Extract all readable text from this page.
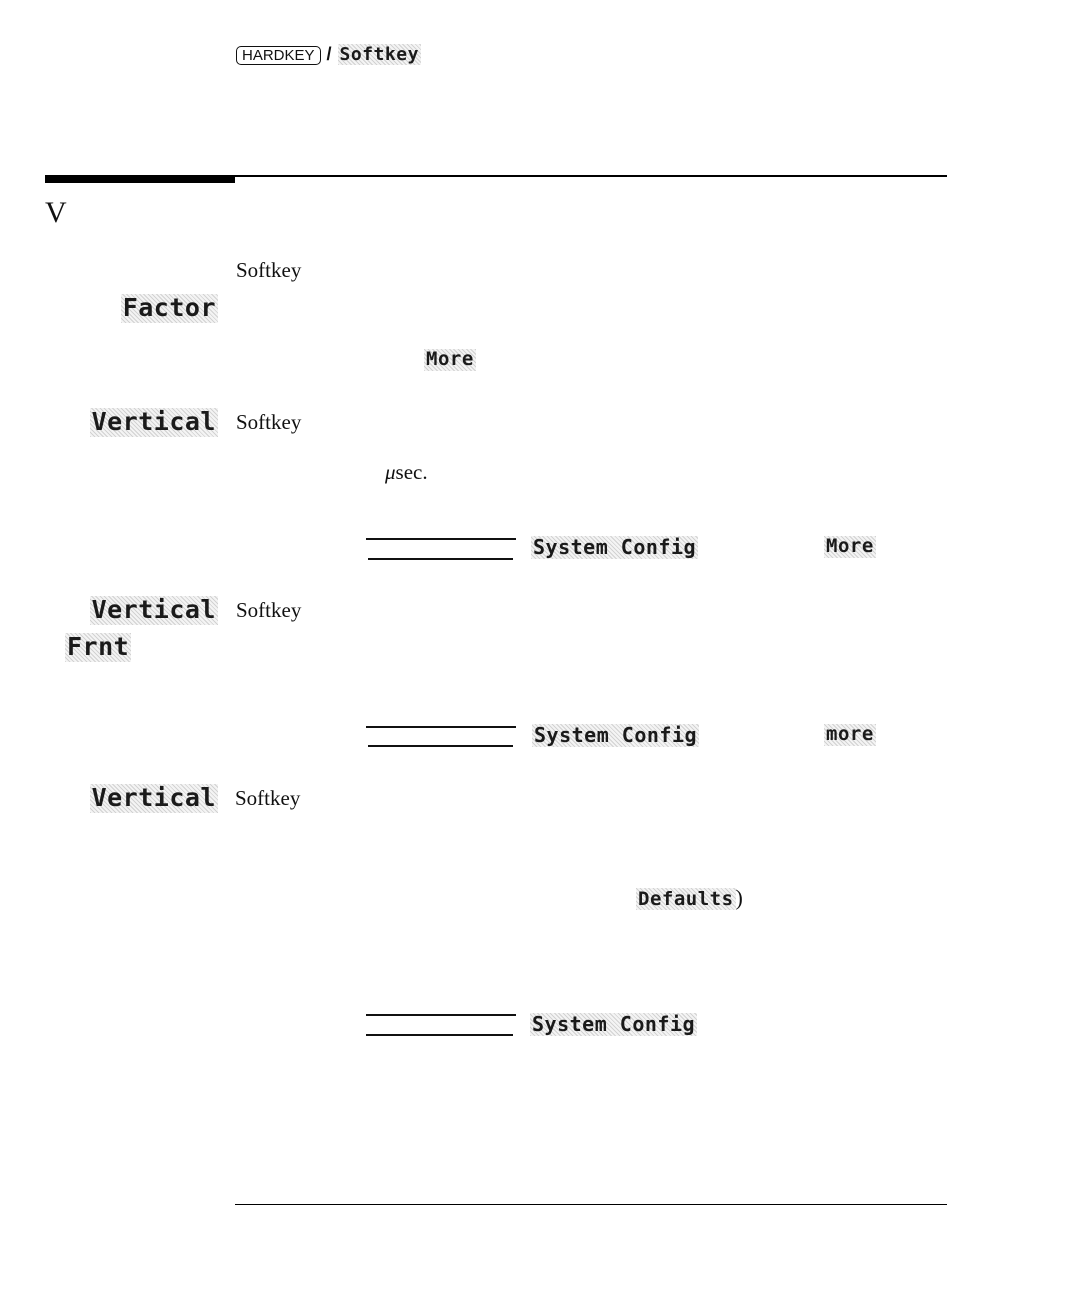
HARDKEY / Softkey
V
Softkey
Factor
More
Vertical Softkey
μsec.
System Config	More
Vertical Softkey
Frnt
System Config	more
Vertical Softkey
Defaults)
System Config
